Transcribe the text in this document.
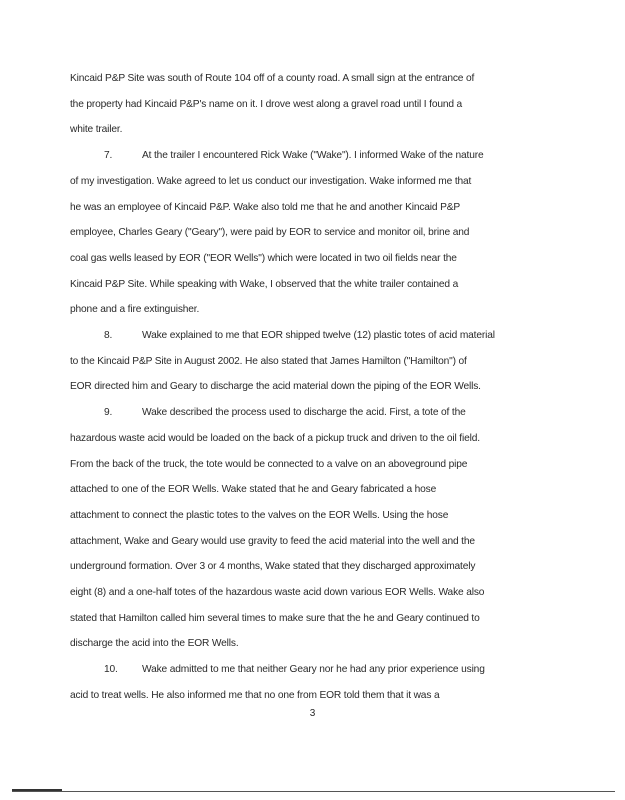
Kincaid P&P Site was south of Route 104 off of a county road. A small sign at the entrance of

the property had Kincaid P&P's name on it. I drove west along a gravel road until I found a

white trailer.

7.	At the trailer I encountered Rick Wake ("Wake"). I informed Wake of the nature

of my investigation. Wake agreed to let us conduct our investigation. Wake informed me that

he was an employee of Kincaid P&P. Wake also told me that he and another Kincaid P&P

employee, Charles Geary ("Geary"), were paid by EOR to service and monitor oil, brine and

coal gas wells leased by EOR ("EOR Wells") which were located in two oil fields near the

Kincaid P&P Site. While speaking with Wake, I observed that the white trailer contained a

phone and a fire extinguisher.

8.	Wake explained to me that EOR shipped twelve (12) plastic totes of acid material

to the Kincaid P&P Site in August 2002. He also stated that James Hamilton ("Hamilton") of

EOR directed him and Geary to discharge the acid material down the piping of the EOR Wells.

9.	Wake described the process used to discharge the acid. First, a tote of the

hazardous waste acid would be loaded on the back of a pickup truck and driven to the oil field.

From the back of the truck, the tote would be connected to a valve on an aboveground pipe

attached to one of the EOR Wells. Wake stated that he and Geary fabricated a hose

attachment to connect the plastic totes to the valves on the EOR Wells. Using the hose

attachment, Wake and Geary would use gravity to feed the acid material into the well and the

underground formation. Over 3 or 4 months, Wake stated that they discharged approximately

eight (8) and a one-half totes of the hazardous waste acid down various EOR Wells. Wake also

stated that Hamilton called him several times to make sure that the he and Geary continued to

discharge the acid into the EOR Wells.

10. Wake admitted to me that neither Geary nor he had any prior experience using

acid to treat wells. He also informed me that no one from EOR told them that it was a

3
